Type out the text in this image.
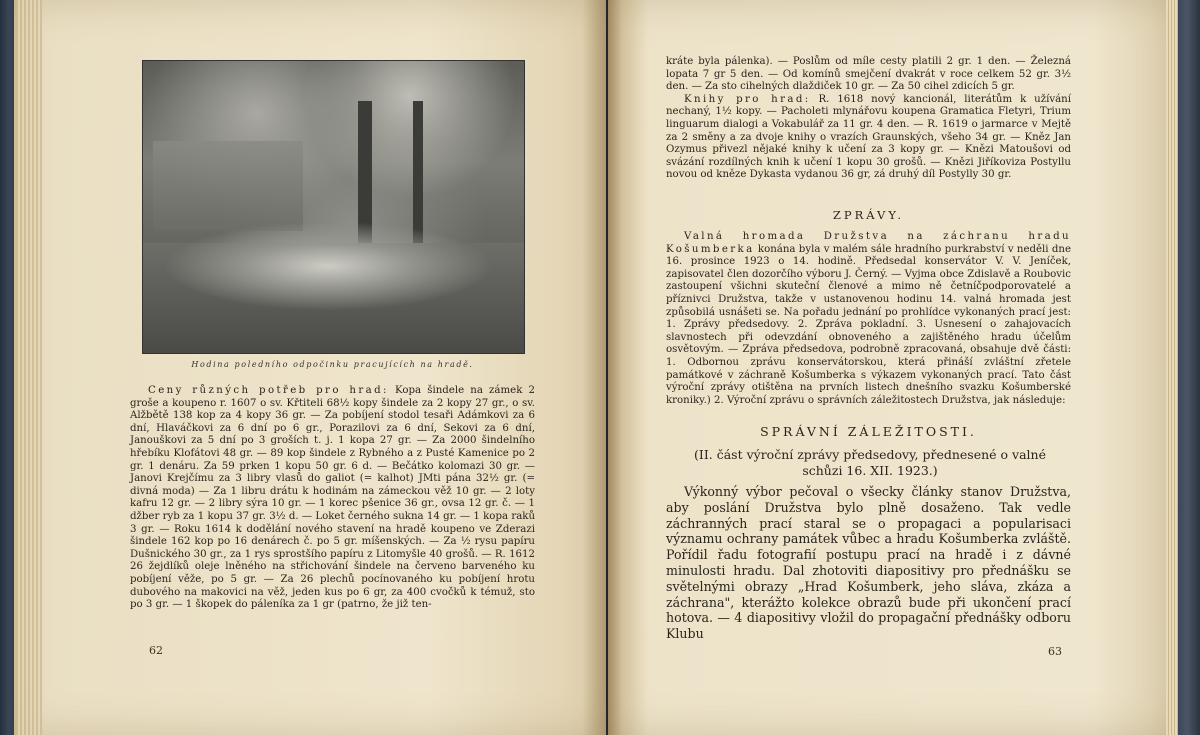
Hodina poledního odpočinku pracujících na hradě.

Ceny různých potřeb pro hrad: Kopa šindele na zámek 2 groše a koupeno r. 1607 o sv. Křtiteli 68½ kopy šindele za 2 kopy 27 gr., o sv. Alžbětě 138 kop za 4 kopy 36 gr. — Za pobíjení stodol tesaři Adámkovi za 6 dní, Hlaváčkovi za 6 dní po 6 gr., Porazilovi za 6 dní, Sekovi za 6 dní, Janouškovi za 5 dní po 3 groších t. j. 1 kopa 27 gr. — Za 2000 šindelního hřebíku Klofátovi 48 gr. — 89 kop šindele z Rybného a z Pusté Kamenice po 2 gr. 1 denáru. Za 59 prken 1 kopu 50 gr. 6 d. — Bečátko kolomazi 30 gr. — Janovi Krejčímu za 3 libry vlasů do galiot (= kalhot) JMti pána 32½ gr. (= divná moda) — Za 1 libru drátu k hodinám na zámeckou věž 10 gr. — 2 loty kafru 12 gr. — 2 libry sýra 10 gr. — 1 korec pšenice 36 gr., ovsa 12 gr. č. — 1 džber ryb za 1 kopu 37 gr. 3½ d. — Loket černého sukna 14 gr. — 1 kopa raků 3 gr. — Roku 1614 k dodělání nového stavení na hradě koupeno ve Zderazi šindele 162 kop po 16 denárech č. po 5 gr. míšenských. — Za ½ rysu papíru Dušnického 30 gr., za 1 rys sprostšího papíru z Litomyšle 40 grošů. — R. 1612 26 žejdlíků oleje lněného na střichování šindele na červeno barveného ku pobíjení věže, po 5 gr. — Za 26 plechů pocínovaného ku pobíjení hrotu dubového na makovici na věž, jeden kus po 6 gr, za 400 cvočků k témuž, sto po 3 gr. — 1 škopek do páleníka za 1 gr (patrno, že již ten-

62

kráte byla pálenka). — Poslům od míle cesty platili 2 gr. 1 den. — Železná lopata 7 gr 5 den. — Od komínů smejčení dvakrát v roce celkem 52 gr. 3½ den. — Za sto cihelných dlaždiček 10 gr. — Za 50 cihel zdicích 5 gr.

Knihy pro hrad: R. 1618 nový kancionál, literátům k užívání nechaný, 1½ kopy. — Pacholeti mlynářovu koupena Gramatica Fletyri, Trium linguarum dialogi a Vokabulář za 11 gr. 4 den. — R. 1619 o jarmarce v Mejtě za 2 směny a za dvoje knihy o vrazích Graunských, všeho 34 gr. — Kněz Jan Ozymus přivezl nějaké knihy k učení za 3 kopy gr. — Knězi Matoušovi od svázání rozdílných knih k učení 1 kopu 30 grošů. — Knězi Jiříkoviza Postyllu novou od kněze Dykasta vydanou 36 gr, zá druhý díl Postylly 30 gr.

ZPRÁVY.

Valná hromada Družstva na záchranu hradu Košumberka konána byla v malém sále hradního purkrabství v neděli dne 16. prosince 1923 o 14. hodině. Předsedal konservátor V. V. Jeníček, zapisovatel člen dozorčího výboru J. Černý. — Vyjma obce Zdislavě a Roubovic zastoupení všichni skuteční členové a mimo ně četníčpodporovatelé a příznivci Družstva, takže v ustanovenou hodinu 14. valná hromada jest způsobilá usnášeti se. Na pořadu jednání po prohlídce vykonaných prací jest: 1. Zprávy předsedovy. 2. Zpráva pokladní. 3. Usnesení o zahajovacích slavnostech při odevzdání obnoveného a zajištěného hradu účelům osvětovým. — Zpráva předsedova, podrobně zpracovaná, obsahuje dvě části: 1. Odbornou zprávu konservátorskou, která přináší zvláštní zřetele památkové v záchraně Košumberka s výkazem vykonaných prací. Tato část výroční zprávy otištěna na prvních listech dnešního svazku Košumberské kroniky.) 2. Výroční zprávu o správních záležitostech Družstva, jak následuje:

SPRÁVNÍ ZÁLEŽITOSTI.
(II. část výroční zprávy předsedovy, přednesené o valné schůzi 16. XII. 1923.)

Výkonný výbor pečoval o všecky články stanov Družstva, aby poslání Družstva bylo plně dosaženo. Tak vedle záchranných prací staral se o propagaci a popularisaci významu ochrany památek vůbec a hradu Košumberka zvláště. Pořídil řadu fotografií postupu prací na hradě i z dávné minulosti hradu. Dal zhotoviti diapositivy pro přednášku se světelnými obrazy „Hrad Košumberk, jeho sláva, zkáza a záchrana", kterážto kolekce obrazů bude při ukončení prací hotova. — 4 diapositivy vložil do propagační přednášky odboru Klubu

63
